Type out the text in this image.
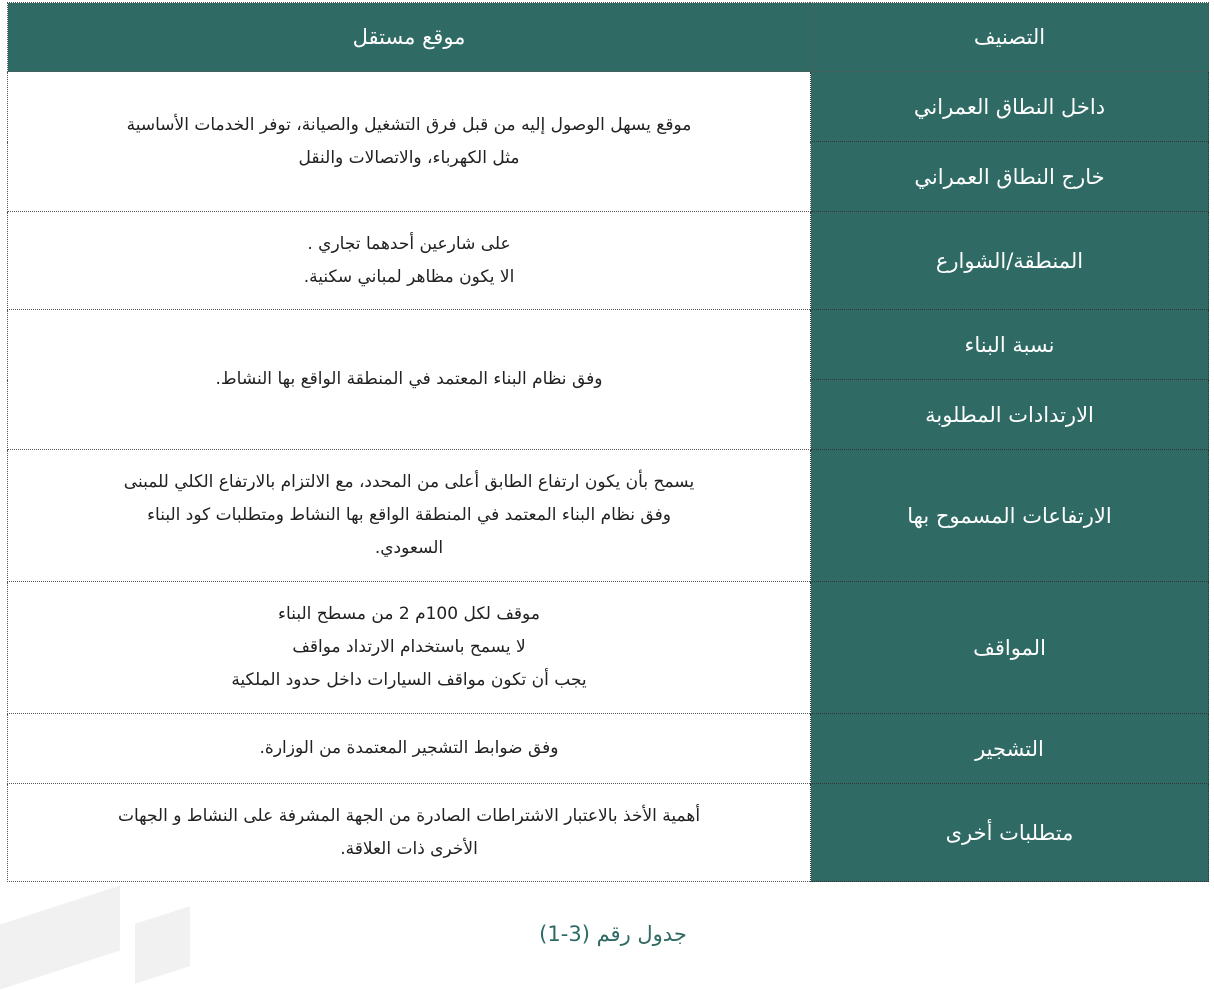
التصنيف	موقع مستقل
داخل النطاق العمراني	موقع يسهل الوصول إليه من قبل فرق التشغيل والصيانة، توفر الخدمات الأساسية
مثل الكهرباء، والاتصالات والنقل

خارج النطاق العمراني	
المنطقة/الشوارع	على شارعين أحدهما تجاري .
الا يكون مظاهر لمباني سكنية.

نسبة البناء	وفق نظام البناء المعتمد في المنطقة الواقع بها النشاط.

الارتدادات المطلوبة	
الارتفاعات المسموح بها	يسمح بأن يكون ارتفاع الطابق أعلى من المحدد، مع الالتزام بالارتفاع الكلي للمبنى
وفق نظام البناء المعتمد في المنطقة الواقع بها النشاط ومتطلبات كود البناء
السعودي.

المواقف	موقف لكل 100م 2 من مسطح البناء
لا يسمح باستخدام الارتداد مواقف
يجب أن تكون مواقف السيارات داخل حدود الملكية

التشجير	وفق ضوابط التشجير المعتمدة من الوزارة.

متطلبات أخرى	أهمية الأخذ بالاعتبار الاشتراطات الصادرة من الجهة المشرفة على النشاط و الجهات
الأخرى ذات العلاقة.
جدول رقم (3-1)
